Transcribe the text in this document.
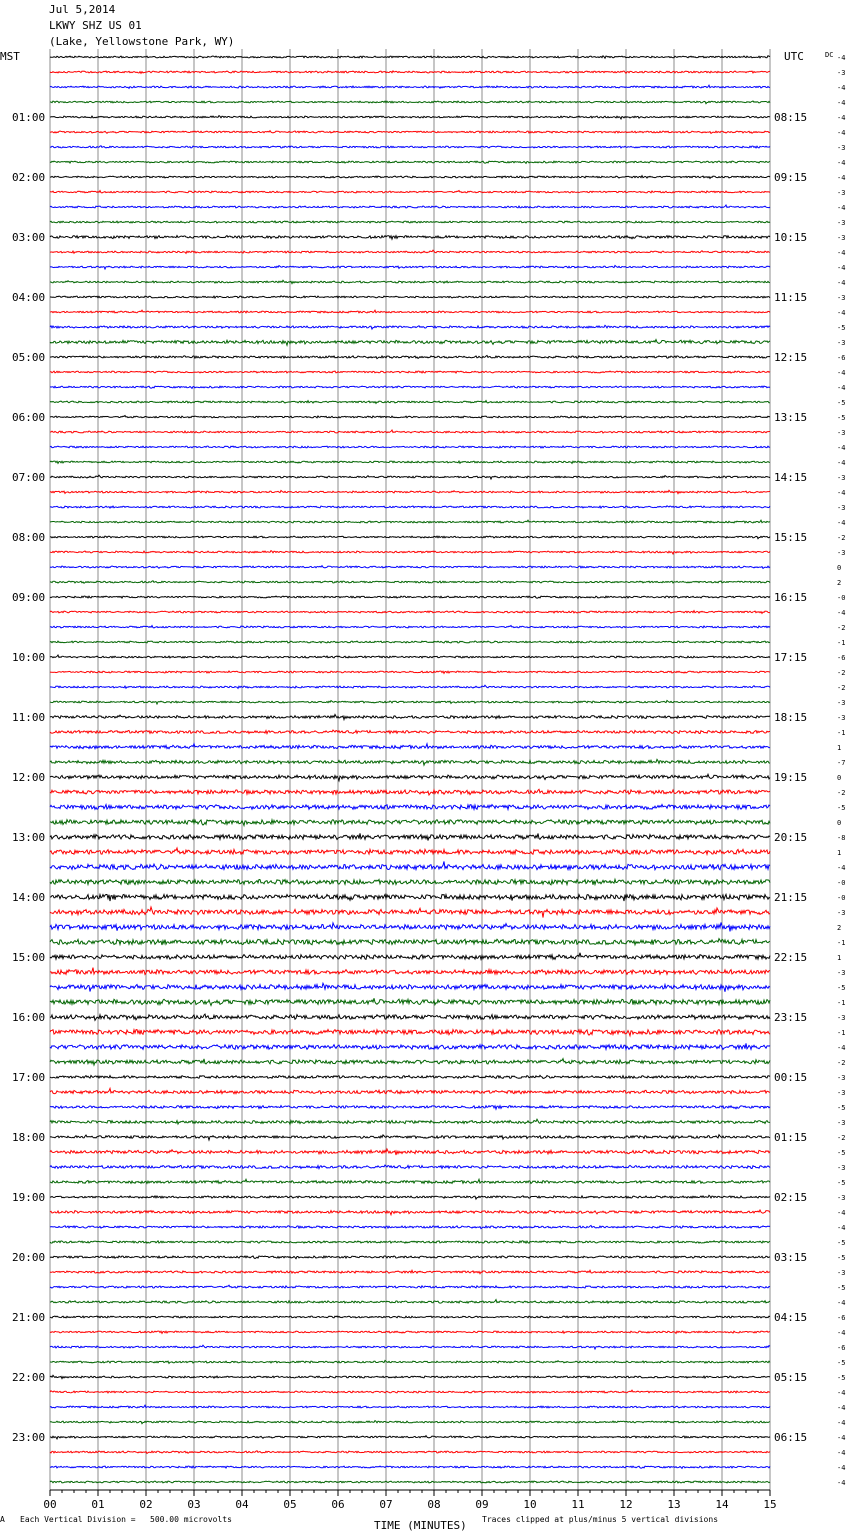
Jul 5,2014
LKWY SHZ US 01
(Lake, Yellowstone Park, WY)
MST	UTC	DC -4
-3
-4
-4
-4
01:00	08:15
-4
-3
-4
-4
02:00	09:15
-3
-4
-3
-3
03:00	10:15
-4
-4
-4
-3
04:00	11:15
-4
-5
-3
-6
05:00	12:15
-4
-4
-5
-5
06:00	13:15
-3
-4
-4
-3
07:00	14:15
-4
-3
-4
-2
08:00	15:15
-3
0
2
-0
09:00	16:15
-4
-2
-1
-6
10:00	17:15
-2
-2
-3
-3
11:00	18:15
-1
1
-7
0
12:00	19:15
-2
-5
0
-8
13:00	20:15
1
-4
-0
-0
14:00	21:15
-3
2
-1
1
15:00	22:15
-3
-5
-1
-3
16:00	23:15
-1
-4
-2
-3
17:00	00:15
-3
-5
-3
-2
18:00	01:15
-5
-3
-5
-3
19:00	02:15
-4
-4
-5
-5
20:00	03:15
-3
-5
-4
-6
21:00	04:15
-4
-6
-5
-5
22:00	05:15
-4
-4
-4
-4
23:00	06:15
-4
-4
-4
00	01	02	03	04	05	06	07	08	09	10	11	12	13	14	15
A Each Vertical Division =   500.00 microvolts	TIME (MINUTES) Traces clipped at plus/minus 5 vertical divisions
